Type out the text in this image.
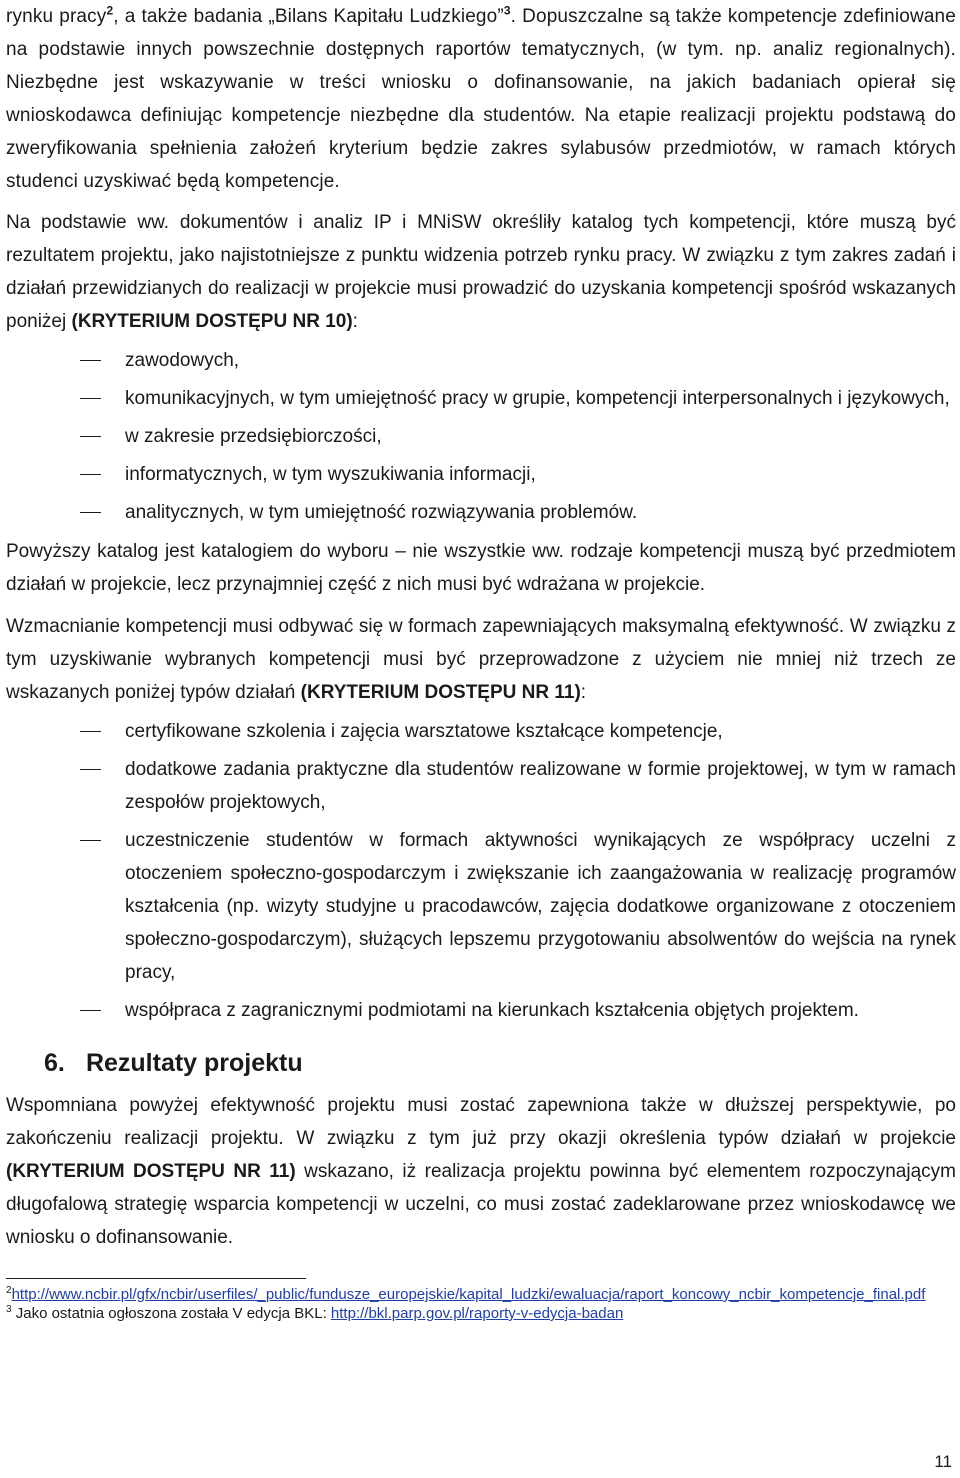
rynku pracy$^2$, a także badania „Bilans Kapitału Ludzkiego”$^3$. Dopuszczalne są także kompetencje zdefiniowane na podstawie innych powszechnie dostępnych raportów tematycznych, (w tym. np. analiz regionalnych). Niezbędne jest wskazywanie w treści wniosku o dofinansowanie, na jakich badaniach opierał się wnioskodawca definiując kompetencje niezbędne dla studentów. Na etapie realizacji projektu podstawą do zweryfikowania spełnienia założeń kryterium będzie zakres sylabusów przedmiotów, w ramach których studenci uzyskiwać będą kompetencje.

Na podstawie ww. dokumentów i analiz IP i MNiSW określiły katalog tych kompetencji, które muszą być rezultatem projektu, jako najistotniejsze z punktu widzenia potrzeb rynku pracy. W związku z tym zakres zadań i działań przewidzianych do realizacji w projekcie musi prowadzić do uzyskania kompetencji spośród wskazanych poniżej (KRYTERIUM DOSTĘPU NR 10):

zawodowych,
komunikacyjnych, w tym umiejętność pracy w grupie, kompetencji interpersonalnych i językowych,
w zakresie przedsiębiorczości,
informatycznych, w tym wyszukiwania informacji,
analitycznych, w tym umiejętność rozwiązywania problemów.

Powyższy katalog jest katalogiem do wyboru – nie wszystkie ww. rodzaje kompetencji muszą być przedmiotem działań w projekcie, lecz przynajmniej część z nich musi być wdrażana w projekcie.

Wzmacnianie kompetencji musi odbywać się w formach zapewniających maksymalną efektywność. W związku z tym uzyskiwanie wybranych kompetencji musi być przeprowadzone z użyciem nie mniej niż trzech ze wskazanych poniżej typów działań (KRYTERIUM DOSTĘPU NR 11):

certyfikowane szkolenia i zajęcia warsztatowe kształcące kompetencje,
dodatkowe zadania praktyczne dla studentów realizowane w formie projektowej, w tym w ramach zespołów projektowych,
uczestniczenie studentów w formach aktywności wynikających ze współpracy uczelni z otoczeniem społeczno-gospodarczym i zwiększanie ich zaangażowania w realizację programów kształcenia (np. wizyty studyjne u pracodawców, zajęcia dodatkowe organizowane z otoczeniem społeczno-gospodarczym), służących lepszemu przygotowaniu absolwentów do wejścia na rynek pracy,
współpraca z zagranicznymi podmiotami na kierunkach kształcenia objętych projektem.
6. Rezultaty projektu

Wspomniana powyżej efektywność projektu musi zostać zapewniona także w dłuższej perspektywie, po zakończeniu realizacji projektu. W związku z tym już przy okazji określenia typów działań w projekcie (KRYTERIUM DOSTĘPU NR 11) wskazano, iż realizacja projektu powinna być elementem rozpoczynającym długofalową strategię wsparcia kompetencji w uczelni, co musi zostać zadeklarowane przez wnioskodawcę we wniosku o dofinansowanie.

$^2$http://www.ncbir.pl/gfx/ncbir/userfiles/_public/fundusze_europejskie/kapital_ludzki/ewaluacja/raport_koncowy_ncbir_kompetencje_final.pdf
$^3$ Jako ostatnia ogłoszona została V edycja BKL: http://bkl.parp.gov.pl/raporty-v-edycja-badan
11
